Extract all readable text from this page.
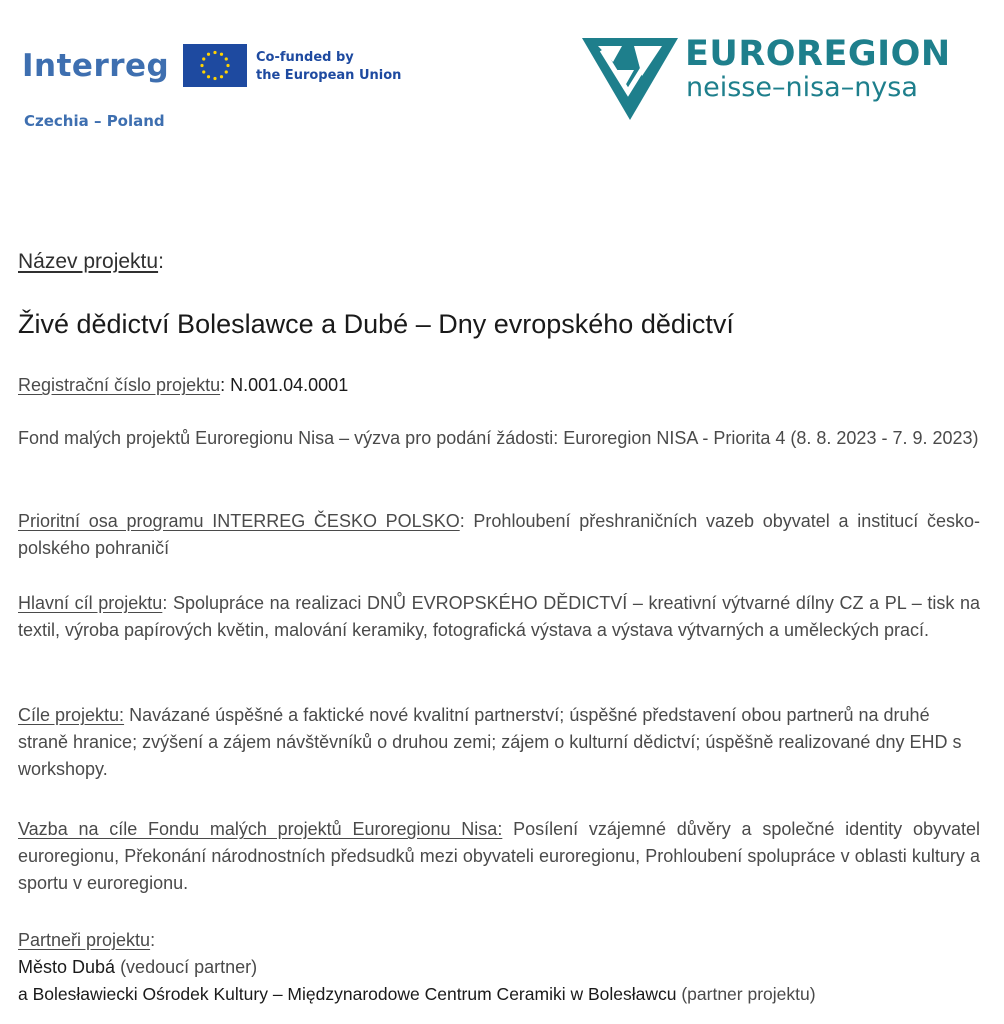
Interreg	Co-funded by
the European Union
Czechia – Poland
EUROREGION
neisse–nisa–nysa
Název projektu:
Živé dědictví Boleslawce a Dubé – Dny evropského dědictví
Registrační číslo projektu: N.001.04.0001
Fond malých projektů Euroregionu Nisa – výzva pro podání žádosti: Euroregion NISA - Priorita 4 (8. 8. 2023 - 7. 9. 2023)
Prioritní osa programu INTERREG ČESKO POLSKO: Prohloubení přeshraničních vazeb obyvatel a institucí česko-polského pohraničí
Hlavní cíl projektu: Spolupráce na realizaci DNŮ EVROPSKÉHO DĚDICTVÍ – kreativní výtvarné dílny CZ a PL – tisk na textil, výroba papírových květin, malování keramiky, fotografická výstava a výstava výtvarných a uměleckých prací.
Cíle projektu: Navázané úspěšné a faktické nové kvalitní partnerství; úspěšné představení obou partnerů na druhé straně hranice; zvýšení a zájem návštěvníků o druhou zemi; zájem o kulturní dědictví; úspěšně realizované dny EHD s workshopy.
Vazba na cíle Fondu malých projektů Euroregionu Nisa: Posílení vzájemné důvěry a společné identity obyvatel euroregionu, Překonání národnostních předsudků mezi obyvateli euroregionu, Prohloubení spolupráce v oblasti kultury a sportu v euroregionu.
Partneři projektu:
Město Dubá (vedoucí partner)
a Bolesławiecki Ośrodek Kultury – Międzynarodowe Centrum Ceramiki w Bolesławcu (partner projektu)
